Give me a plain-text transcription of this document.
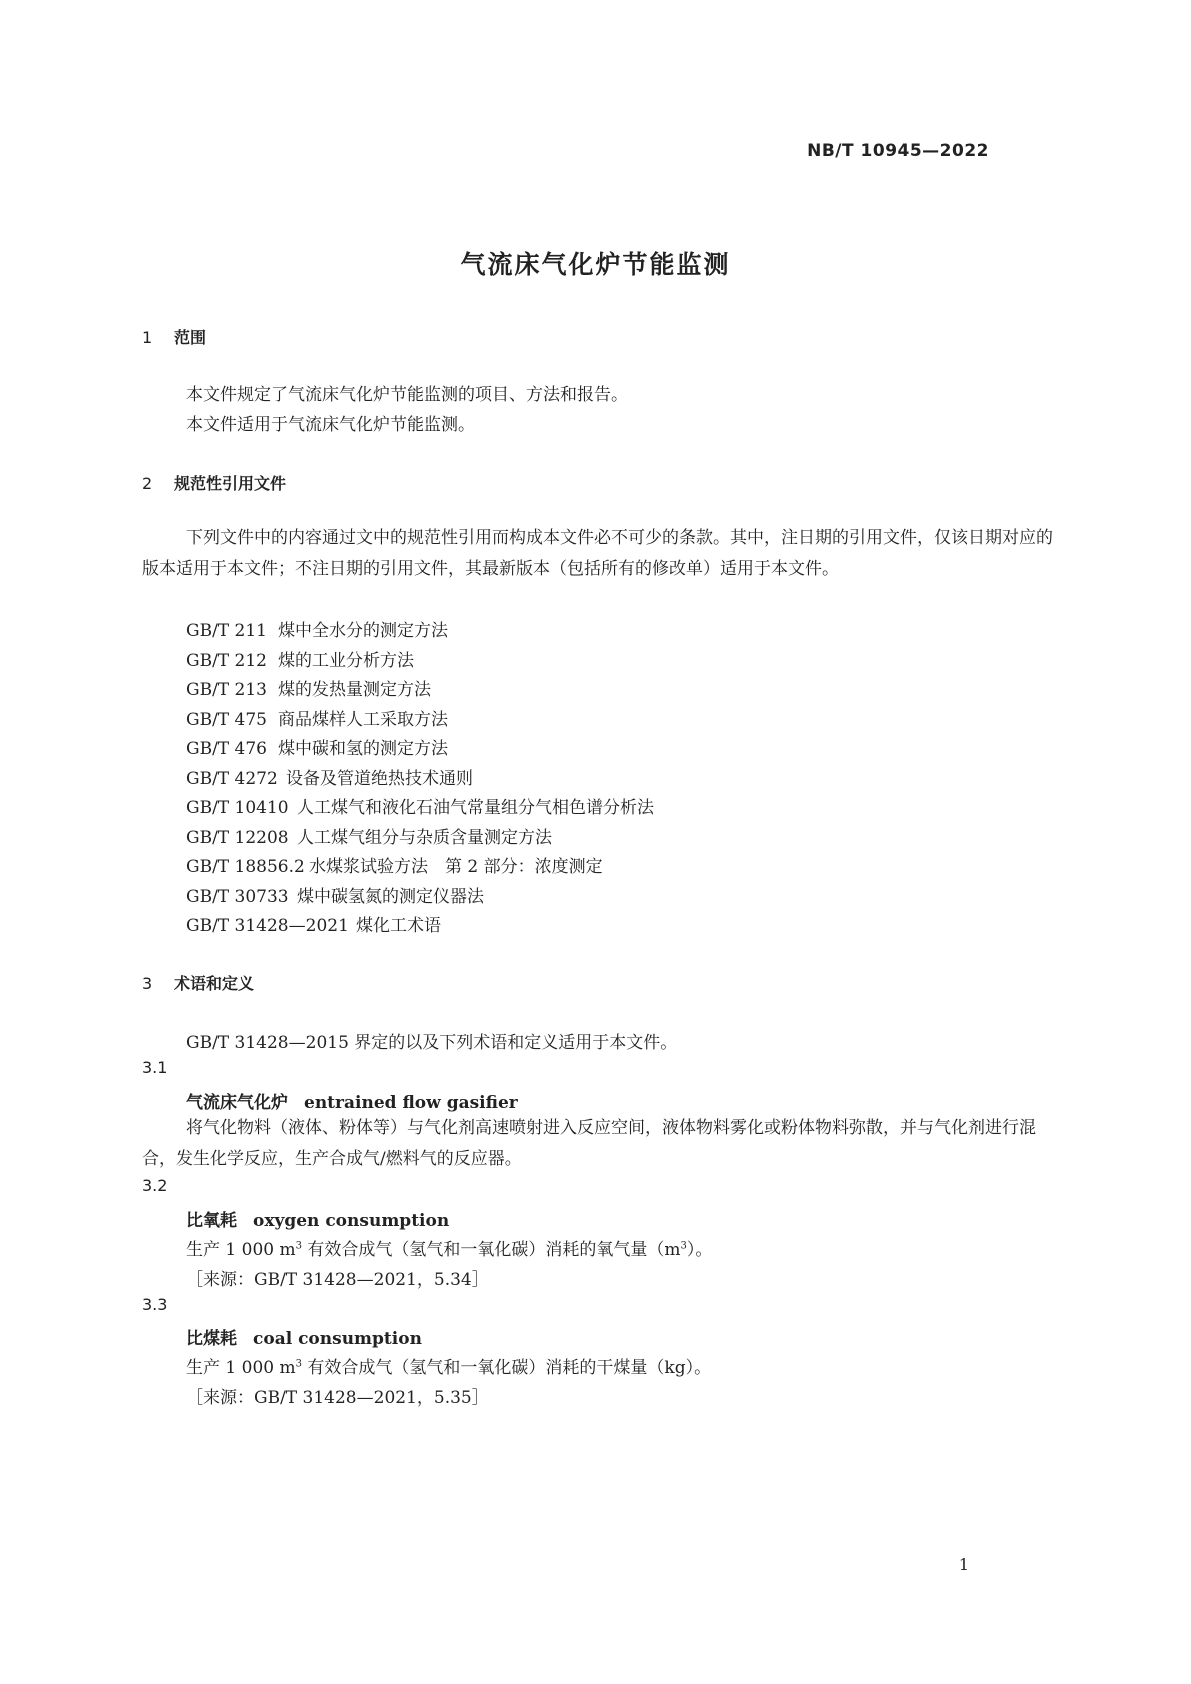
NB/T 10945—2022
气流床气化炉节能监测
1 范围
本文件规定了气流床气化炉节能监测的项目、方法和报告。
本文件适用于气流床气化炉节能监测。
2 规范性引用文件
下列文件中的内容通过文中的规范性引用而构成本文件必不可少的条款。其中，注日期的引用文件，仅该日期对应的版本适用于本文件；不注日期的引用文件，其最新版本（包括所有的修改单）适用于本文件。
GB/T 211 煤中全水分的测定方法
GB/T 212 煤的工业分析方法
GB/T 213 煤的发热量测定方法
GB/T 475 商品煤样人工采取方法
GB/T 476 煤中碳和氢的测定方法
GB/T 4272 设备及管道绝热技术通则
GB/T 10410 人工煤气和液化石油气常量组分气相色谱分析法
GB/T 12208 人工煤气组分与杂质含量测定方法
GB/T 18856.2 水煤浆试验方法　第 2 部分：浓度测定
GB/T 30733 煤中碳氢氮的测定仪器法
GB/T 31428—2021 煤化工术语
3 术语和定义
GB/T 31428—2015 界定的以及下列术语和定义适用于本文件。
3.1
气流床气化炉 entrained flow gasifier
将气化物料（液体、粉体等）与气化剂高速喷射进入反应空间，液体物料雾化或粉体物料弥散，并与气化剂进行混合，发生化学反应，生产合成气/燃料气的反应器。
3.2
比氧耗 oxygen consumption
生产 1 000 $m^3$ 有效合成气（氢气和一氧化碳）消耗的氧气量$(m^3)$。
［来源：GB/T 31428—2021，5.34］
3.3
比煤耗 coal consumption
生产 1 000 $m^3$ 有效合成气（氢气和一氧化碳）消耗的干煤量（kg）。
［来源：GB/T 31428—2021，5.35］
1
